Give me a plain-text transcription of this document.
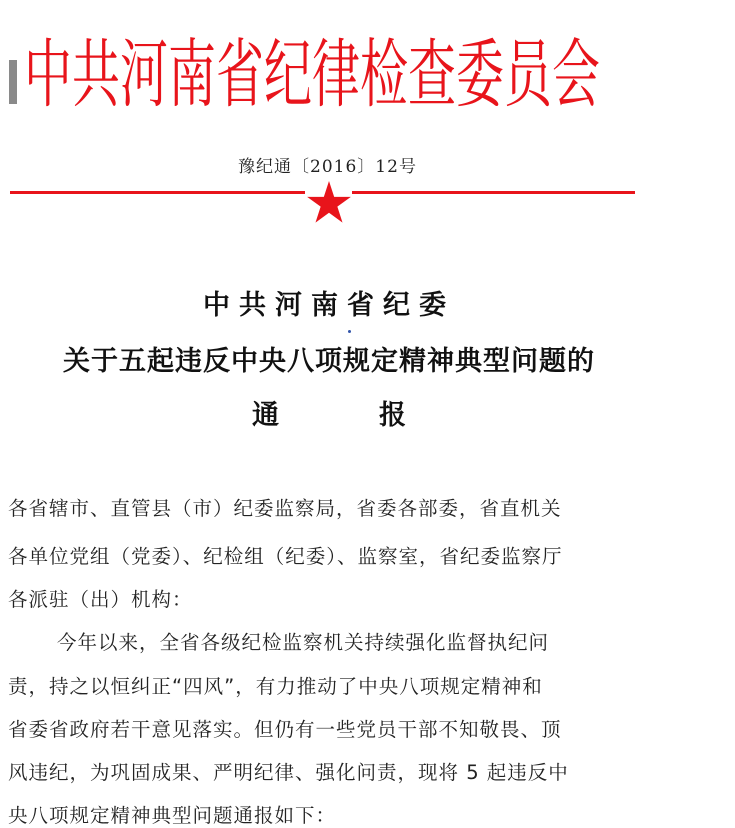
中共河南省纪律检查委员会
豫纪通〔2016〕12号
中共河南省纪委
关于五起违反中央八项规定精神典型问题的
通	报
各省辖市、直管县（市）纪委监察局，省委各部委，省直机关
各单位党组（党委）、纪检组（纪委）、监察室，省纪委监察厅
各派驻（出）机构：
今年以来，全省各级纪检监察机关持续强化监督执纪问
责，持之以恒纠正“四风”，有力推动了中央八项规定精神和
省委省政府若干意见落实。但仍有一些党员干部不知敬畏、顶
风违纪，为巩固成果、严明纪律、强化问责，现将 5 起违反中
央八项规定精神典型问题通报如下：
